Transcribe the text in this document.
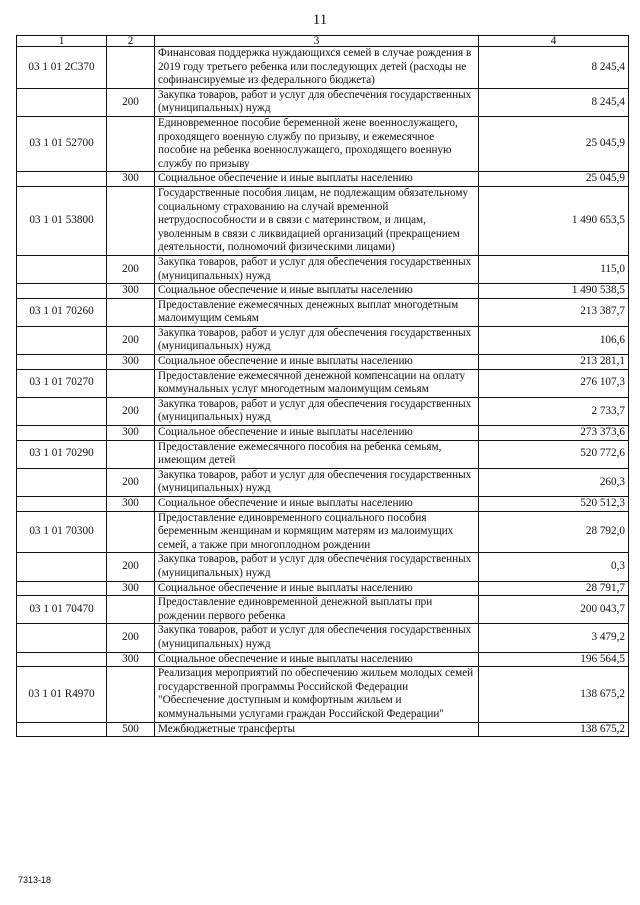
11
1	2	3	4
03 1 01 2С370		Финансовая поддержка нуждающихся семей в случае рождения в 2019 году третьего ребенка или последующих детей (расходы не софинансируемые из федерального бюджета)	8 245,4
	200	Закупка товаров, работ и услуг для обеспечения государственных (муниципальных) нужд	8 245,4
03 1 01 52700		Единовременное пособие беременной жене военнослужащего, проходящего военную службу по призыву, и ежемесячное пособие на ребенка военнослужащего, проходящего военную службу по призыву	25 045,9
	300	Социальное обеспечение и иные выплаты населению	25 045,9
03 1 01 53800		Государственные пособия лицам, не подлежащим обязательному социальному страхованию на случай временной нетрудоспособности и в связи с материнством, и лицам, уволенным в связи с ликвидацией организаций (прекращением деятельности, полномочий физическими лицами)	1 490 653,5
	200	Закупка товаров, работ и услуг для обеспечения государственных (муниципальных) нужд	115,0
	300	Социальное обеспечение и иные выплаты населению	1 490 538,5
03 1 01 70260		Предоставление ежемесячных денежных выплат многодетным малоимущим семьям	213 387,7
	200	Закупка товаров, работ и услуг для обеспечения государственных (муниципальных) нужд	106,6
	300	Социальное обеспечение и иные выплаты населению	213 281,1
03 1 01 70270		Предоставление ежемесячной денежной компенсации на оплату коммунальных услуг многодетным малоимущим семьям	276 107,3
	200	Закупка товаров, работ и услуг для обеспечения государственных (муниципальных) нужд	2 733,7
	300	Социальное обеспечение и иные выплаты населению	273 373,6
03 1 01 70290		Предоставление ежемесячного пособия на ребенка семьям, имеющим детей	520 772,6
	200	Закупка товаров, работ и услуг для обеспечения государственных (муниципальных) нужд	260,3
	300	Социальное обеспечение и иные выплаты населению	520 512,3
03 1 01 70300		Предоставление единовременного социального пособия беременным женщинам и кормящим матерям из малоимущих семей, а также при многоплодном рождении	28 792,0
	200	Закупка товаров, работ и услуг для обеспечения государственных (муниципальных) нужд	0,3
	300	Социальное обеспечение и иные выплаты населению	28 791,7
03 1 01 70470		Предоставление единовременной денежной выплаты при рождении первого ребенка	200 043,7
	200	Закупка товаров, работ и услуг для обеспечения государственных (муниципальных) нужд	3 479,2
	300	Социальное обеспечение и иные выплаты населению	196 564,5
03 1 01 R4970		Реализация мероприятий по обеспечению жильем молодых семей государственной программы Российской Федерации "Обеспечение доступным и комфортным жильем и коммунальными услугами граждан Российской Федерации"	138 675,2
	500	Межбюджетные трансферты	138 675,2
7313-18
